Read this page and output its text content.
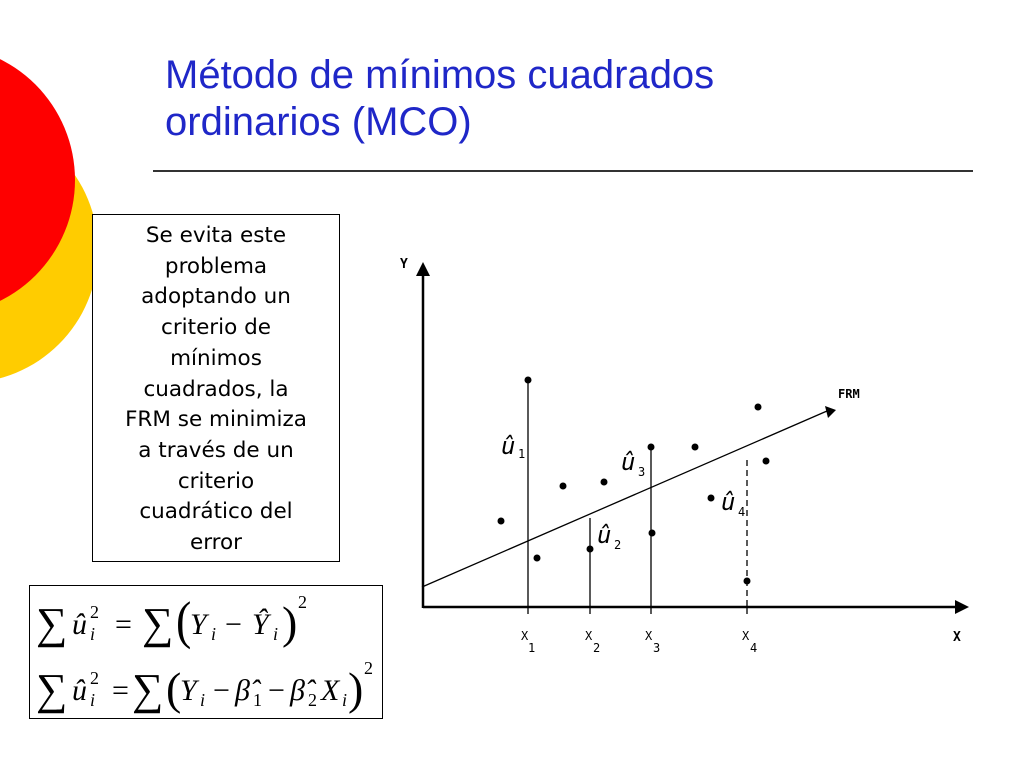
Método de mínimos cuadrados
ordinarios (MCO)

Se evita este

problema

adoptando un

criterio de

mínimos

cuadrados, la

FRM se minimiza

a través de un

criterio

cuadrático del

error

∑ û 2
i = ∑ (
Y i − Ŷ i ) 2
∑ û 2
i = ∑ (
Y i − β̂ 1 − β̂ 2 X i ) 2
Y
X
FRM
X
1
X
2
X
3
X
4
û 1
û 2
û 3
û 4
